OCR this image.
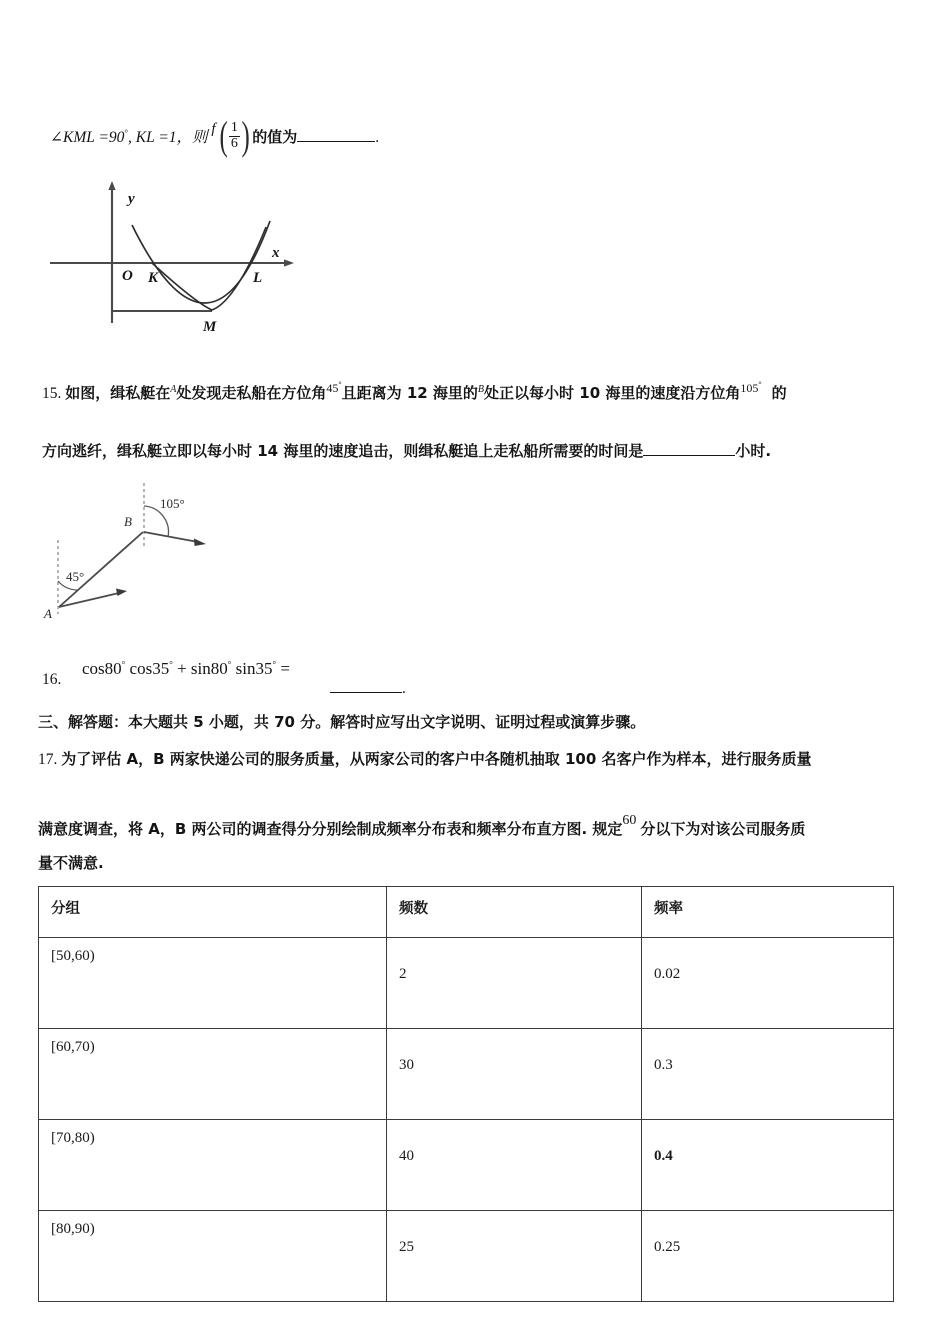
∠KML =90°, KL =1，则 f ( $\frac{1}{6}$ ) 的值为	.
O K	L
M
y
x
15. 如图，缉私艇在$^A$处发现走私船在方位角$^{45^\circ}$且距离为 12 海里的$^B$处正以每小时 10 海里的速度沿方位角$^{105^\circ}$ 的
方向逃纤，缉私艇立即以每小时 14 海里的速度追击，则缉私艇追上走私船所需要的时间是	小时.
A
B
45°
105°
16.
cos80° cos35° + sin80° sin35° =
.
三、解答题：本大题共 5 小题，共 70 分。解答时应写出文字说明、证明过程或演算步骤。
17. 为了评估 A，B 两家快递公司的服务质量，从两家公司的客户中各随机抽取 100 名客户作为样本，进行服务质量
满意度调查，将 A，B 两公司的调查得分分别绘制成频率分布表和频率分布直方图. 规定60 分以下为对该公司服务质
量不满意.
分组	频数	频率
[50,60)	2	0.02
[60,70)	30	0.3
[70,80)	40	0.4
[80,90)	25	0.25
